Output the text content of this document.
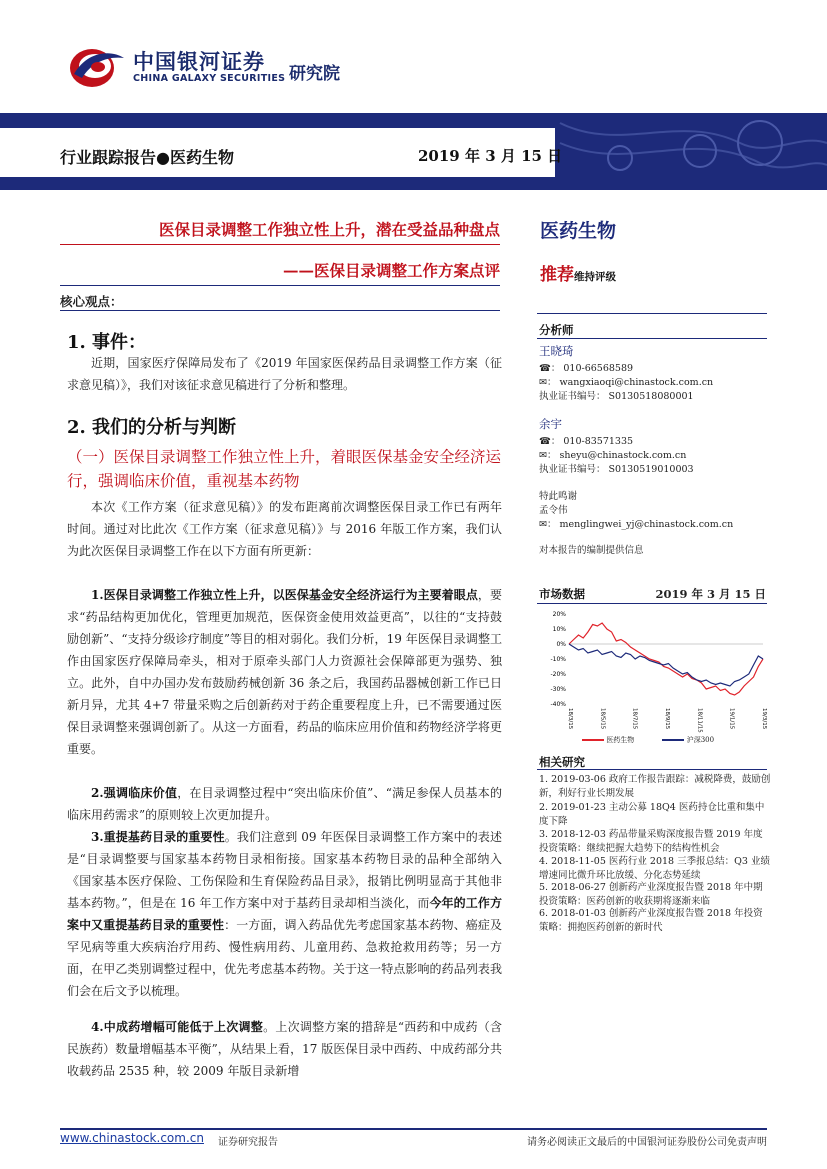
中国银河证券
CHINA GALAXY SECURITIES 研究院
行业跟踪报告●医药生物	2019 年 3 月 15 日
医保目录调整工作独立性上升，潜在受益品种盘点
——医保目录调整工作方案点评
核心观点：
1. 事件：
近期，国家医疗保障局发布了《2019 年国家医保药品目录调整工作方案（征求意见稿）》，我们对该征求意见稿进行了分析和整理。
2. 我们的分析与判断
（一）医保目录调整工作独立性上升，着眼医保基金安全经济运行，强调临床价值，重视基本药物
本次《工作方案（征求意见稿）》的发布距离前次调整医保目录工作已有两年时间。通过对比此次《工作方案（征求意见稿）》与 2016 年版工作方案，我们认为此次医保目录调整工作在以下方面有所更新：
1.医保目录调整工作独立性上升，以医保基金安全经济运行为主要着眼点，要求“药品结构更加优化，管理更加规范，医保资金使用效益更高”，以往的“支持鼓励创新”、“支持分级诊疗制度”等目的相对弱化。我们分析，19 年医保目录调整工作由国家医疗保障局牵头，相对于原牵头部门人力资源社会保障部更为强势、独立。此外，自中办国办发布鼓励药械创新 36 条之后，我国药品器械创新工作已日新月异，尤其 4+7 带量采购之后创新药对于药企重要程度上升，已不需要通过医保目录调整来强调创新了。从这一方面看，药品的临床应用价值和药物经济学将更重要。
2.强调临床价值，在目录调整过程中“突出临床价值”、“满足参保人员基本的临床用药需求”的原则较上次更加提升。
3.重提基药目录的重要性。我们注意到 09 年医保目录调整工作方案中的表述是“目录调整要与国家基本药物目录相衔接。国家基本药物目录的品种全部纳入《国家基本医疗保险、工伤保险和生育保险药品目录》，报销比例明显高于其他非基本药物。”，但是在 16 年工作方案中对于基药目录却相当淡化，而今年的工作方案中又重提基药目录的重要性：一方面，调入药品优先考虑国家基本药物、癌症及罕见病等重大疾病治疗用药、慢性病用药、儿童用药、急救抢救用药等；另一方面，在甲乙类别调整过程中，优先考虑基本药物。关于这一特点影响的药品列表我们会在后文予以梳理。
4.中成药增幅可能低于上次调整。上次调整方案的措辞是“西药和中成药（含民族药）数量增幅基本平衡”，从结果上看，17 版医保目录中西药、中成药部分共收载药品 2535 种，较 2009 年版目录新增
医药生物
推荐维持评级
分析师
王晓琦
☎： 010-66568589
✉： wangxiaoqi@chinastock.com.cn
执业证书编号： S0130518080001
余宇
☎： 010-83571335
✉： sheyu@chinastock.com.cn
执业证书编号： S0130519010003
特此鸣谢
孟令伟
✉： menglingwei_yj@chinastock.com.cn
对本报告的编制提供信息
市场数据	2019 年 3 月 15 日
20%
10%
0%
-10%
-20%
-30%
-40%
18/3/15	18/5/15	18/7/15	18/9/15	18/11/15	19/1/15	19/3/15
医药生物	沪深300
相关研究
1. 2019-03-06 政府工作报告跟踪：减税降费，鼓励创新，利好行业长期发展
2. 2019-01-23 主动公募 18Q4 医药持仓比重和集中度下降
3. 2018-12-03 药品带量采购深度报告暨 2019 年度投资策略：继续把握大趋势下的结构性机会
4. 2018-11-05 医药行业 2018 三季报总结：Q3 业绩增速同比微升环比放缓、分化态势延续
5. 2018-06-27 创新药产业深度报告暨 2018 年中期投资策略：医药创新的收获期将逐渐来临
6. 2018-01-03 创新药产业深度报告暨 2018 年投资策略：拥抱医药创新的新时代
www.chinastock.com.cn 证券研究报告	请务必阅读正文最后的中国银河证券股份公司免责声明
